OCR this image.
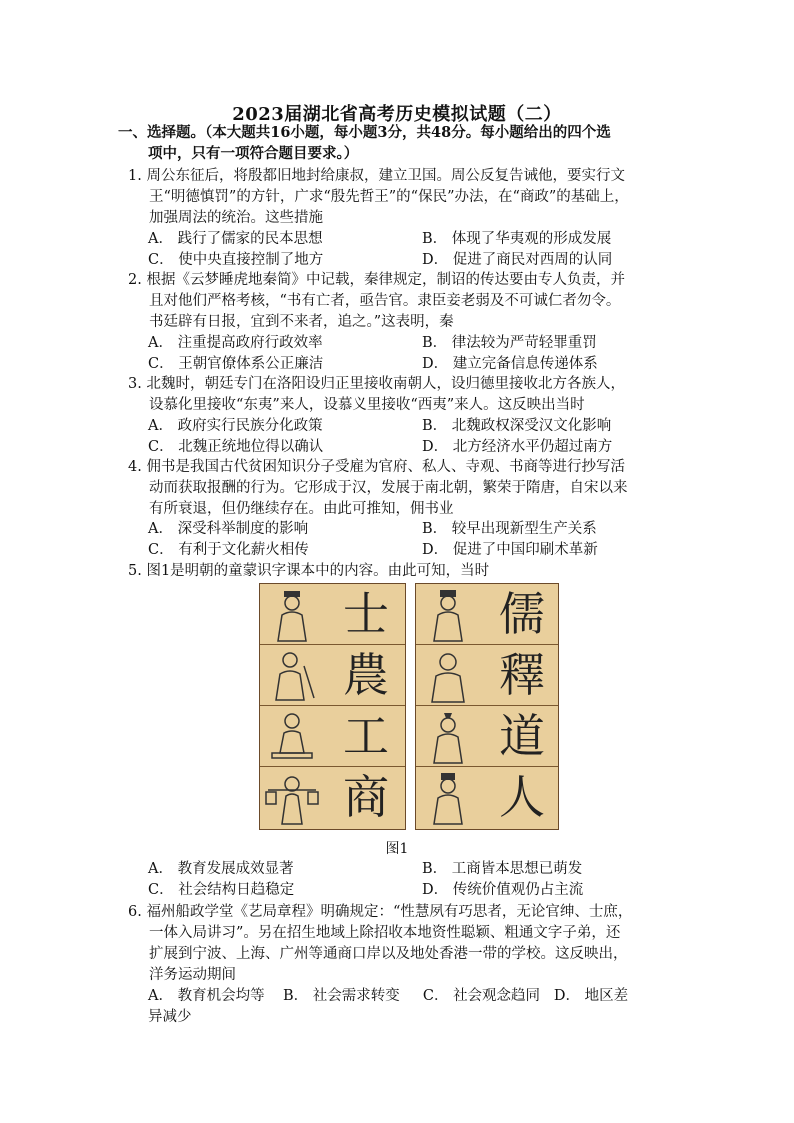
2023届湖北省高考历史模拟试题（二）
一、选择题。（本大题共16小题，每小题3分，共48分。每小题给出的四个选
项中，只有一项符合题目要求。）
1. 周公东征后，将殷都旧地封给康叔，建立卫国。周公反复告诫他，要实行文
王“明德慎罚”的方针，广求“殷先哲王”的“保民”办法，在“商政”的基础上，
加强周法的统治。这些措施
A． 践行了儒家的民本思想	B． 体现了华夷观的形成发展
C． 使中央直接控制了地方	D． 促进了商民对西周的认同
2. 根据《云梦睡虎地秦简》中记载，秦律规定，制诏的传达要由专人负责，并
且对他们严格考核，“书有亡者，亟告官。隶臣妾老弱及不可诚仁者勿令。
书廷辟有日报，宜到不来者，追之。”这表明，秦
A． 注重提高政府行政效率	B． 律法较为严苛轻罪重罚
C． 王朝官僚体系公正廉洁	D． 建立完备信息传递体系
3. 北魏时，朝廷专门在洛阳设归正里接收南朝人，设归德里接收北方各族人，
设慕化里接收“东夷”来人，设慕义里接收“西夷”来人。这反映出当时
A． 政府实行民族分化政策	B． 北魏政权深受汉文化影响
C． 北魏正统地位得以确认	D． 北方经济水平仍超过南方
4. 佣书是我国古代贫困知识分子受雇为官府、私人、寺观、书商等进行抄写活
动而获取报酬的行为。它形成于汉，发展于南北朝，繁荣于隋唐，自宋以来
有所衰退，但仍继续存在。由此可推知，佣书业
A． 深受科举制度的影响	B． 较早出现新型生产关系
C． 有利于文化薪火相传	D． 促进了中国印刷术革新
5. 图1是明朝的童蒙识字课本中的内容。由此可知，当时
士
農
工
商
儒
釋
道
人
图1
A． 教育发展成效显著	B． 工商皆本思想已萌发
C． 社会结构日趋稳定	D． 传统价值观仍占主流
6. 福州船政学堂《艺局章程》明确规定：“性慧夙有巧思者，无论官绅、士庶，
一体入局讲习”。另在招生地域上除招收本地资性聪颖、粗通文字子弟，还
扩展到宁波、上海、广州等通商口岸以及地处香港一带的学校。这反映出，
洋务运动期间
A． 教育机会均等 B． 社会需求转变 C． 社会观念趋同 D． 地区差
异减少
